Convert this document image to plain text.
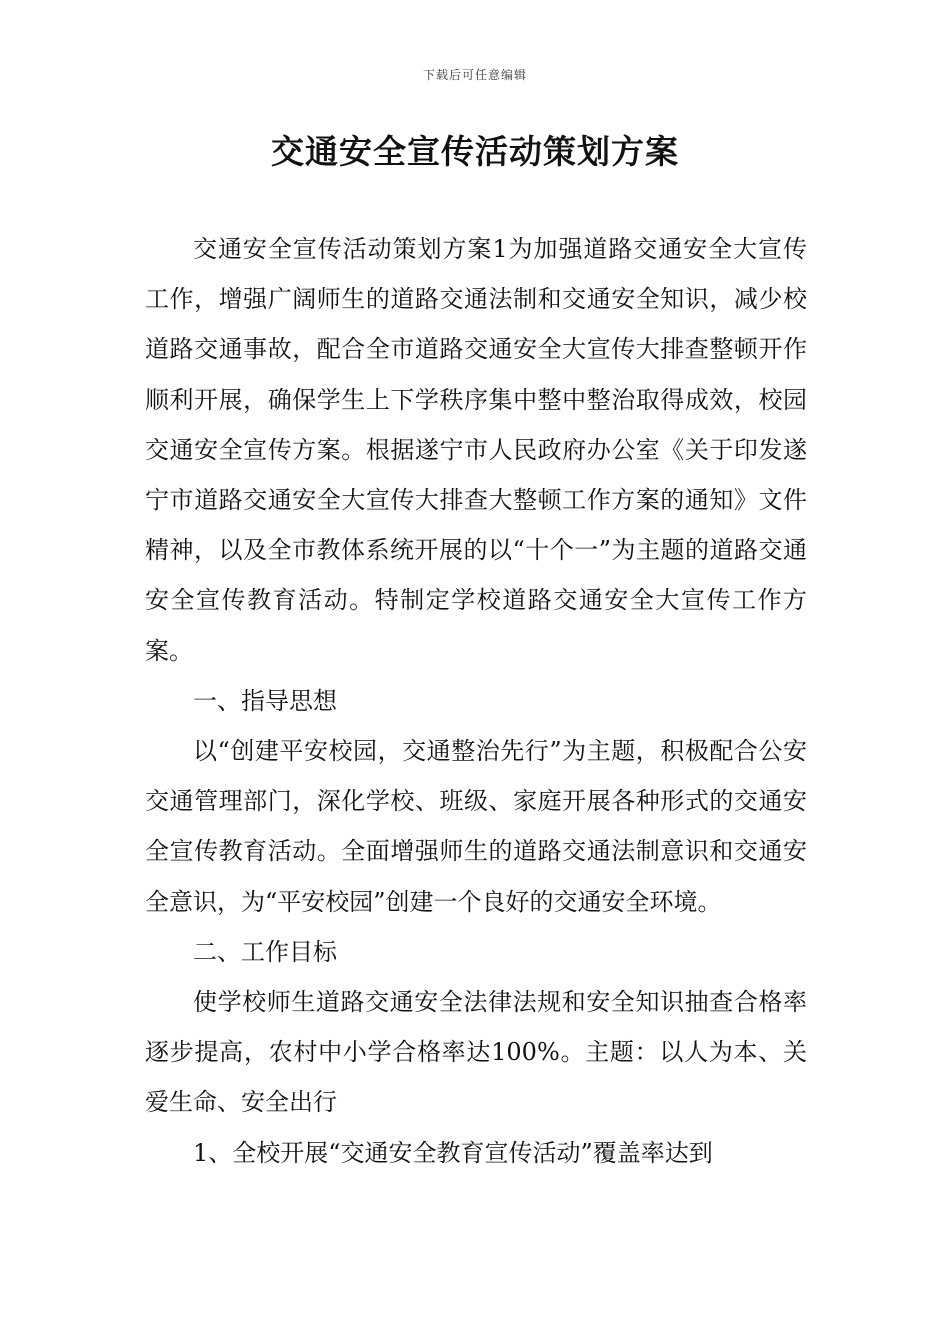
下载后可任意编辑
交通安全宣传活动策划方案

交通安全宣传活动策划方案1为加强道路交通安全大宣传工作，增强广阔师生的道路交通法制和交通安全知识，减少校道路交通事故，配合全市道路交通安全大宣传大排查整顿开作顺利开展，确保学生上下学秩序集中整中整治取得成效，校园交通安全宣传方案。根据遂宁市人民政府办公室《关于印发遂宁市道路交通安全大宣传大排查大整顿工作方案的通知》文件精神，以及全市教体系统开展的以“十个一”为主题的道路交通安全宣传教育活动。特制定学校道路交通安全大宣传工作方案。

一、指导思想

以“创建平安校园，交通整治先行”为主题，积极配合公安交通管理部门，深化学校、班级、家庭开展各种形式的交通安全宣传教育活动。全面增强师生的道路交通法制意识和交通安全意识，为“平安校园”创建一个良好的交通安全环境。

二、工作目标

使学校师生道路交通安全法律法规和安全知识抽查合格率逐步提高，农村中小学合格率达100%。主题：以人为本、关爱生命、安全出行

1、全校开展“交通安全教育宣传活动”覆盖率达到
